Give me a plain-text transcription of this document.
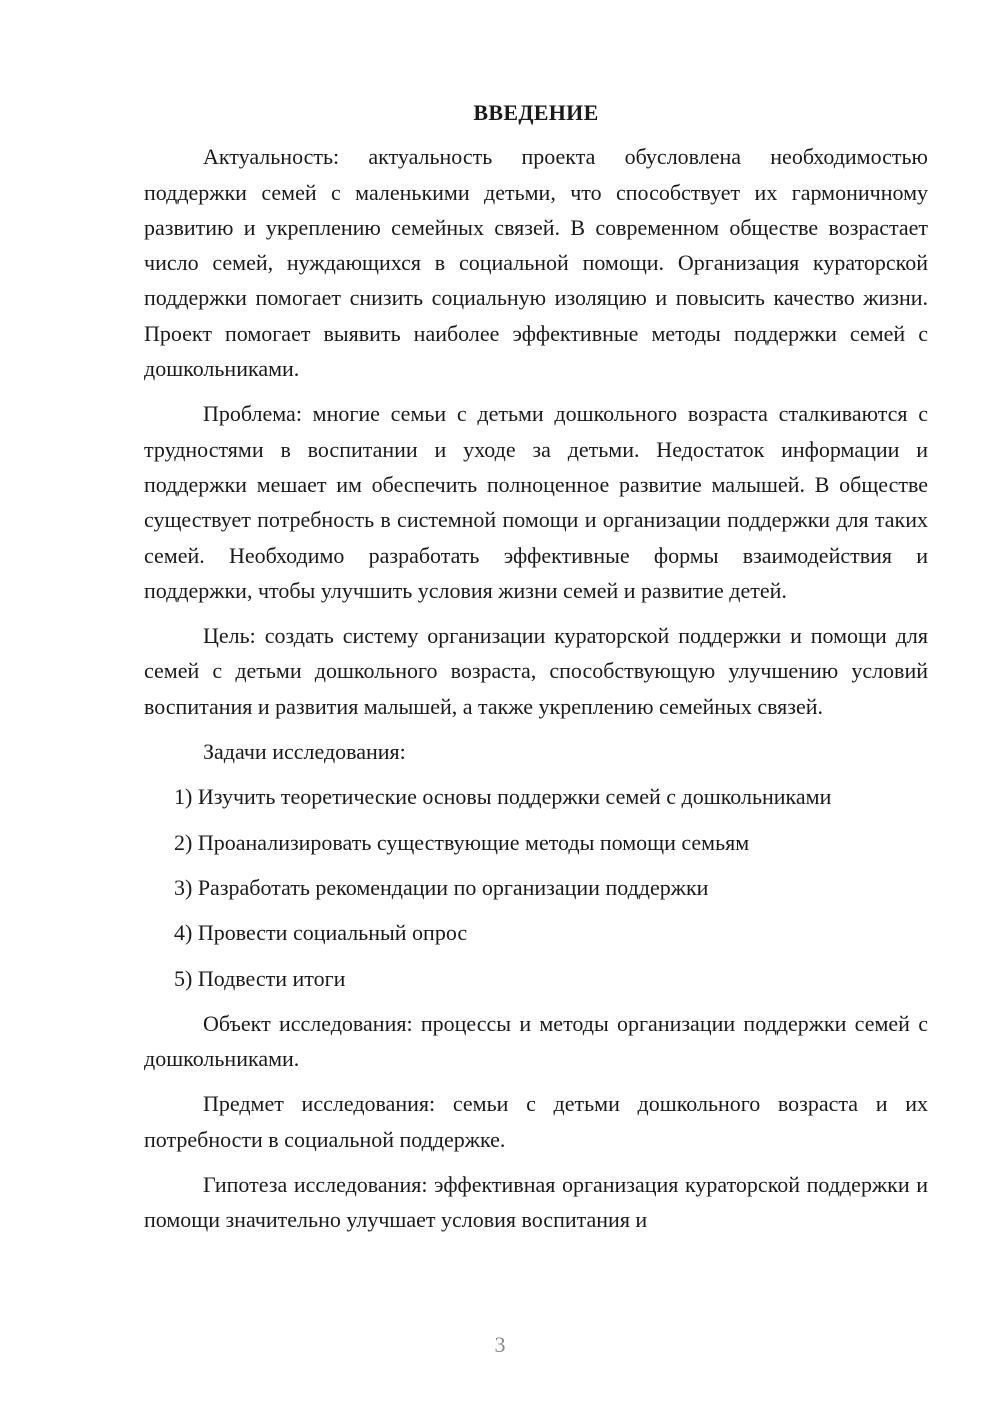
ВВЕДЕНИЕ

Актуальность: актуальность проекта обусловлена необходимостью поддержки семей с маленькими детьми, что способствует их гармоничному развитию и укреплению семейных связей. В современном обществе возрастает число семей, нуждающихся в социальной помощи. Организация кураторской поддержки помогает снизить социальную изоляцию и повысить качество жизни. Проект помогает выявить наиболее эффективные методы поддержки семей с дошкольниками.

Проблема: многие семьи с детьми дошкольного возраста сталкиваются с трудностями в воспитании и уходе за детьми. Недостаток информации и поддержки мешает им обеспечить полноценное развитие малышей. В обществе существует потребность в системной помощи и организации поддержки для таких семей. Необходимо разработать эффективные формы взаимодействия и поддержки, чтобы улучшить условия жизни семей и развитие детей.

Цель: создать систему организации кураторской поддержки и помощи для семей с детьми дошкольного возраста, способствующую улучшению условий воспитания и развития малышей, а также укреплению семейных связей.

Задачи исследования:

1) Изучить теоретические основы поддержки семей с дошкольниками
2) Проанализировать существующие методы помощи семьям
3) Разработать рекомендации по организации поддержки
4) Провести социальный опрос
5) Подвести итоги

Объект исследования: процессы и методы организации поддержки семей с дошкольниками.

Предмет исследования: семьи с детьми дошкольного возраста и их потребности в социальной поддержке.

Гипотеза исследования: эффективная организация кураторской поддержки и помощи значительно улучшает условия воспитания и

3
